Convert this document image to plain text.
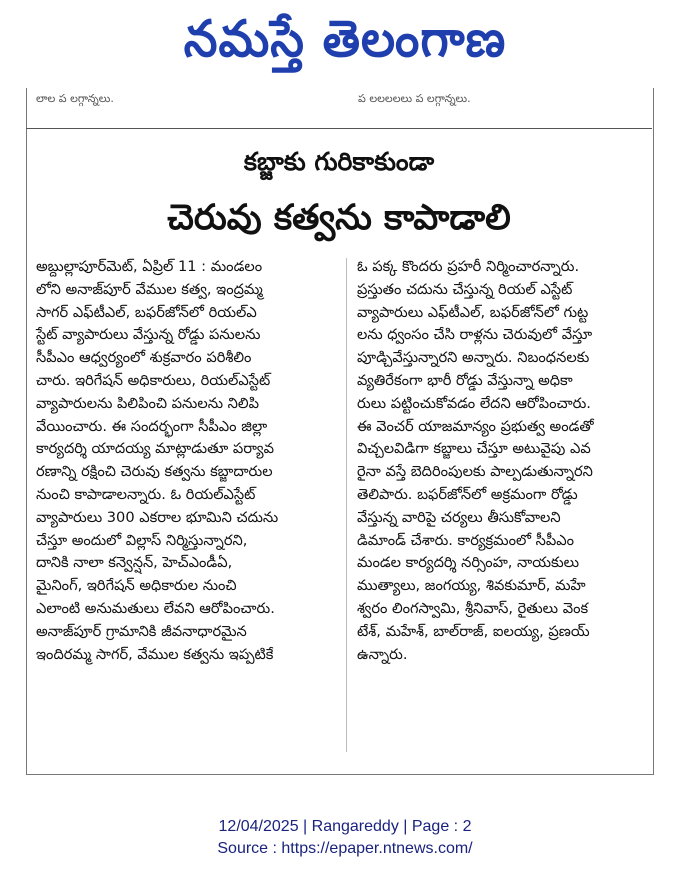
నమస్తే తెలంగాణ
లాల ప లగ్గాన్నలు.	ప లలలలలు ప లగ్గాన్నలు.
కబ్జాకు గురికాకుండా
చెరువు కత్వను కాపాడాలి

అబ్దుల్లాపూర్‌మెట్‌, ఏప్రిల్‌ 11 : మండలం
లోని అనాజ్‌పూర్‌ వేముల కత్వ, ఇంద్రమ్మ
సాగర్‌ ఎఫ్‌టీఎల్‌, బఫర్‌జోన్‌లో రియల్‌ఎ
స్టేట్‌ వ్యాపారులు వేస్తున్న రోడ్డు పనులను
సీపీఎం ఆధ్వర్యంలో శుక్రవారం పరిశీలిం
చారు. ఇరిగేషన్‌ అధికారులు, రియల్‌ఎస్టేట్‌
వ్యాపారులను పిలిపించి పనులను నిలిపి
వేయించారు. ఈ సందర్భంగా సీపీఎం జిల్లా
కార్యదర్శి యాదయ్య మాట్లాడుతూ పర్యావ
రణాన్ని రక్షించి చెరువు కత్వను కబ్జాదారుల
నుంచి కాపాడాలన్నారు. ఓ రియల్‌ఎస్టేట్‌
వ్యాపారులు 300 ఎకరాల భూమిని చదును
చేస్తూ అందులో విల్లాస్‌ నిర్మిస్తున్నారని,
దానికి నాలా కన్వెన్షన్‌, హెచ్‌ఎండీఏ,
మైనింగ్‌, ఇరిగేషన్‌ అధికారుల నుంచి
ఎలాంటి అనుమతులు లేవని ఆరోపించారు.
అనాజ్‌పూర్‌ గ్రామానికి జీవనాధారమైన
ఇందిరమ్మ సాగర్‌, వేముల కత్వను ఇప్పటికే

ఓ పక్క కొందరు ప్రహరీ నిర్మించారన్నారు.
ప్రస్తుతం చదును చేస్తున్న రియల్‌ ఎస్టేట్‌
వ్యాపారులు ఎఫ్‌టీఎల్‌, బఫర్‌జోన్‌లో గుట్ట
లను ధ్వంసం చేసి రాళ్లను చెరువులో వేస్తూ
పూడ్చివేస్తున్నారని అన్నారు. నిబంధనలకు
వ్యతిరేకంగా భారీ రోడ్డు వేస్తున్నా అధికా
రులు పట్టించుకోవడం లేదని ఆరోపించారు.
ఈ వెంచర్‌ యాజమాన్యం ప్రభుత్వ అండతో
విచ్చలవిడిగా కబ్జాలు చేస్తూ అటువైపు ఎవ
రైనా వస్తే బెదిరింపులకు పాల్పడుతున్నారని
తెలిపారు. బఫర్‌జోన్‌లో అక్రమంగా రోడ్డు
వేస్తున్న వారిపై చర్యలు తీసుకోవాలని
డిమాండ్‌ చేశారు. కార్యక్రమంలో సీపీఎం
మండల కార్యదర్శి నర్సింహ, నాయకులు
ముత్యాలు, జంగయ్య, శివకుమార్‌, మహే
శ్వరం లింగస్వామి, శ్రీనివాస్‌, రైతులు వెంక
టేశ్‌, మహేశ్‌, బాల్‌రాజ్‌, ఐలయ్య, ప్రణయ్‌
ఉన్నారు.

12/04/2025 | Rangareddy | Page : 2
Source : https://epaper.ntnews.com/
